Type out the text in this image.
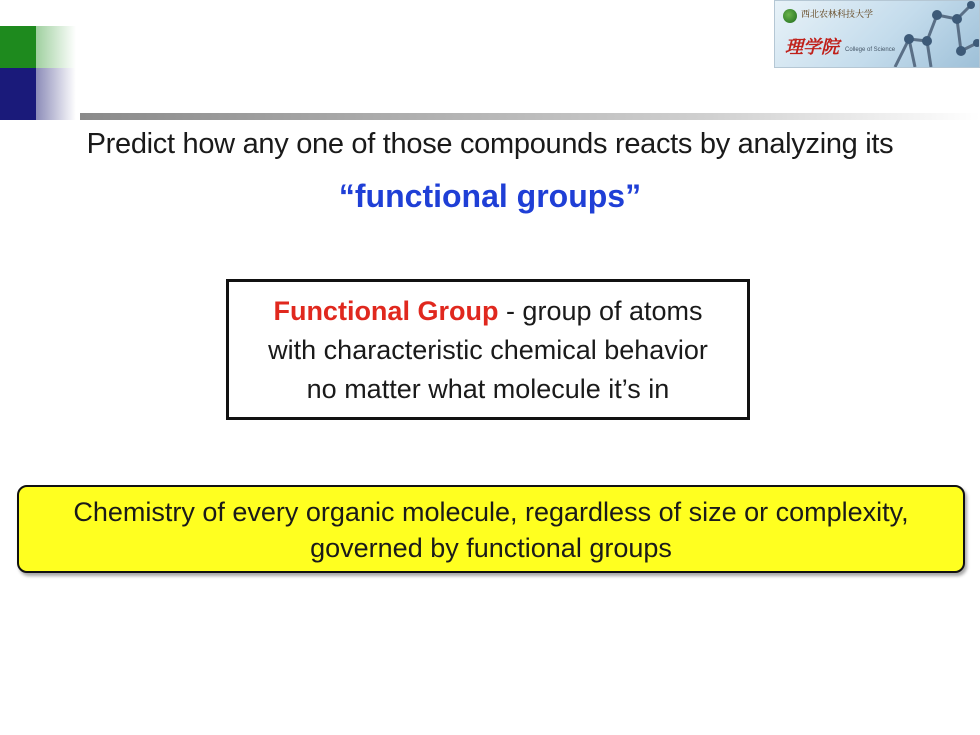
西北农林科技大学
理学院 College of Science
Predict how any one of those compounds reacts by analyzing its
“functional groups”
Functional Group - group of atoms
with characteristic chemical behavior
no matter what molecule it’s in
Chemistry of every organic molecule, regardless of size or complexity,
governed by functional groups
